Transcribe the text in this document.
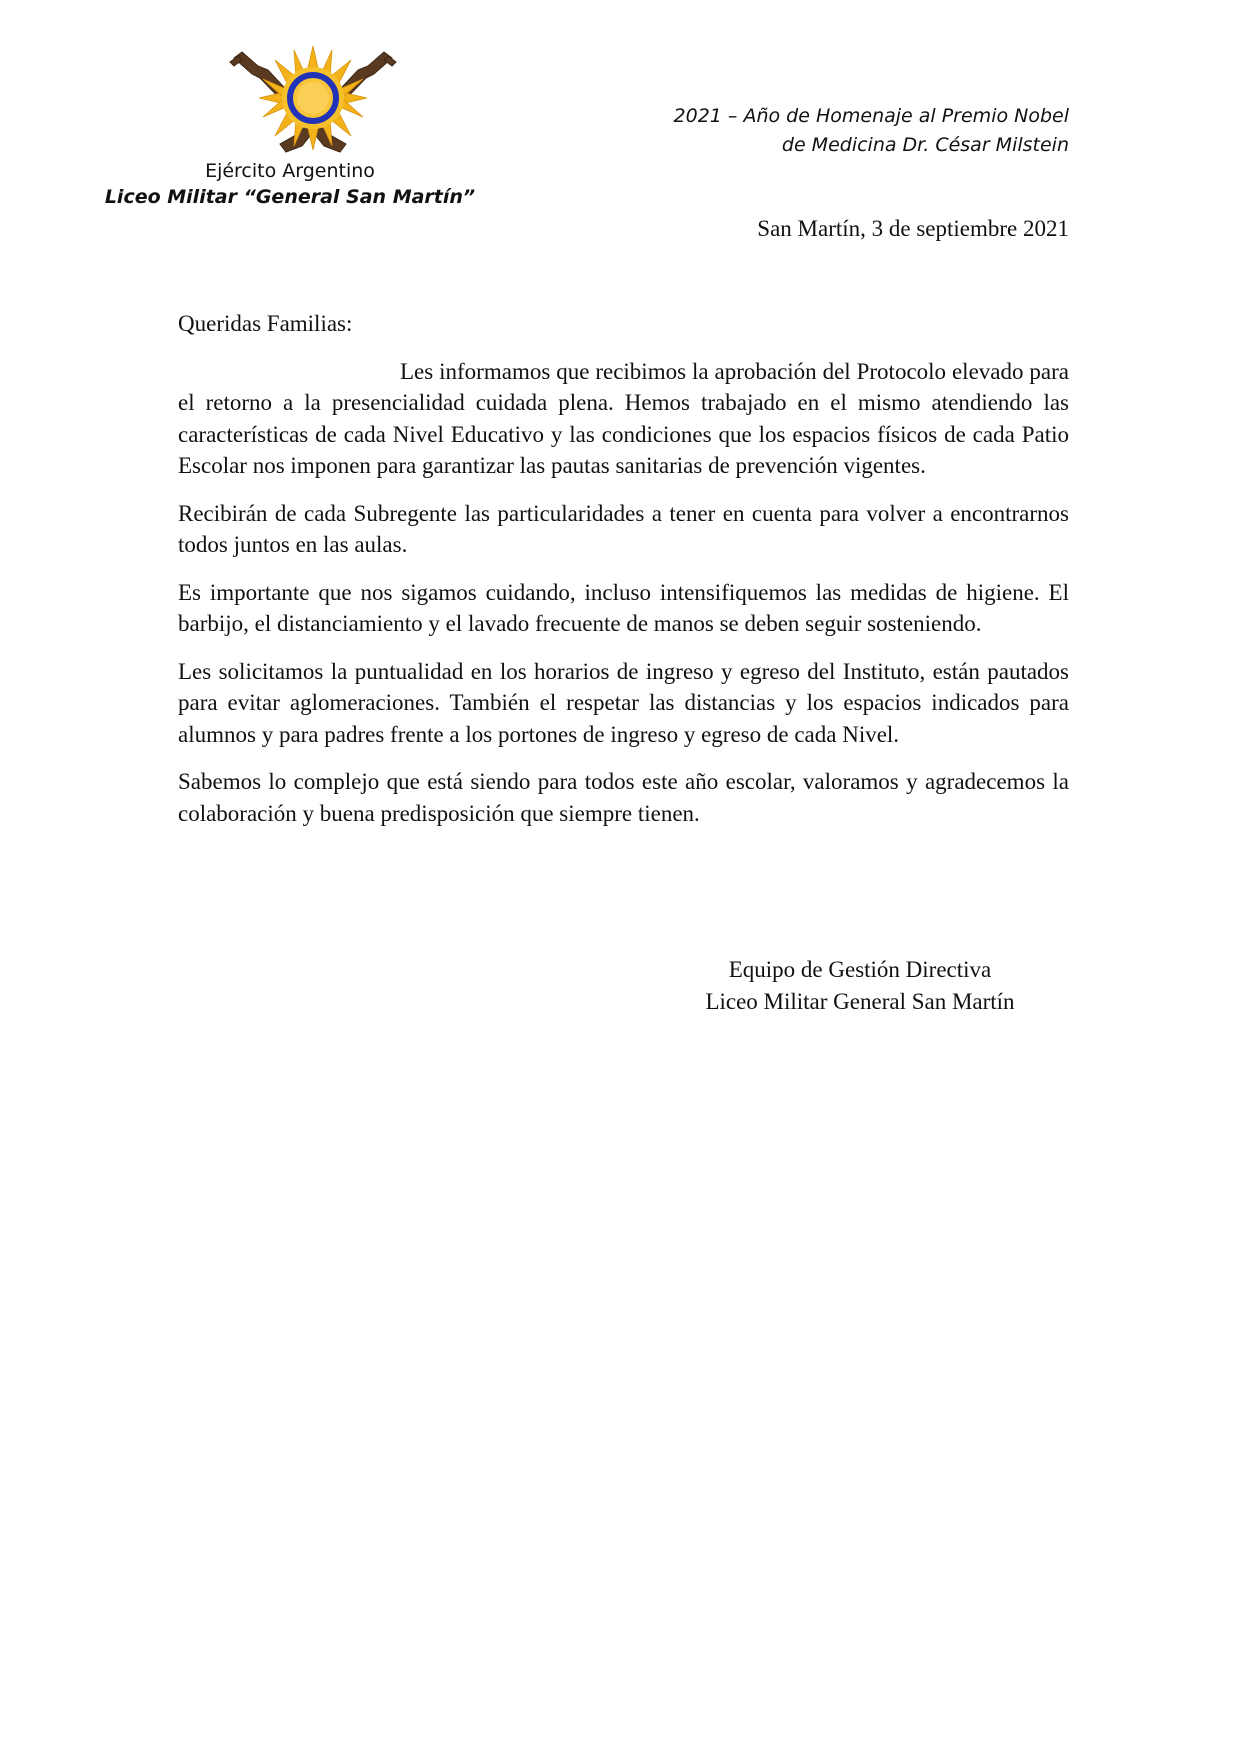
Ejército Argentino
Liceo Militar “General San Martín”
2021 – Año de Homenaje al Premio Nobel
de Medicina Dr. César Milstein
San Martín, 3 de septiembre 2021

Queridas Familias:

Les informamos que recibimos la aprobación del Protocolo elevado para el retorno a la presencialidad cuidada plena. Hemos trabajado en el mismo atendiendo las características de cada Nivel Educativo y las condiciones que los espacios físicos de cada Patio Escolar nos imponen para garantizar las pautas sanitarias de prevención vigentes.

Recibirán de cada Subregente las particularidades a tener en cuenta para volver a encontrarnos todos juntos en las aulas.

Es importante que nos sigamos cuidando, incluso intensifiquemos las medidas de higiene. El barbijo, el distanciamiento y el lavado frecuente de manos se deben seguir sosteniendo.

Les solicitamos la puntualidad en los horarios de ingreso y egreso del Instituto, están pautados para evitar aglomeraciones. También el respetar las distancias y los espacios indicados para alumnos y para padres frente a los portones de ingreso y egreso de cada Nivel.

Sabemos lo complejo que está siendo para todos este año escolar, valoramos y agradecemos la colaboración y buena predisposición que siempre tienen.

Equipo de Gestión Directiva
Liceo Militar General San Martín
